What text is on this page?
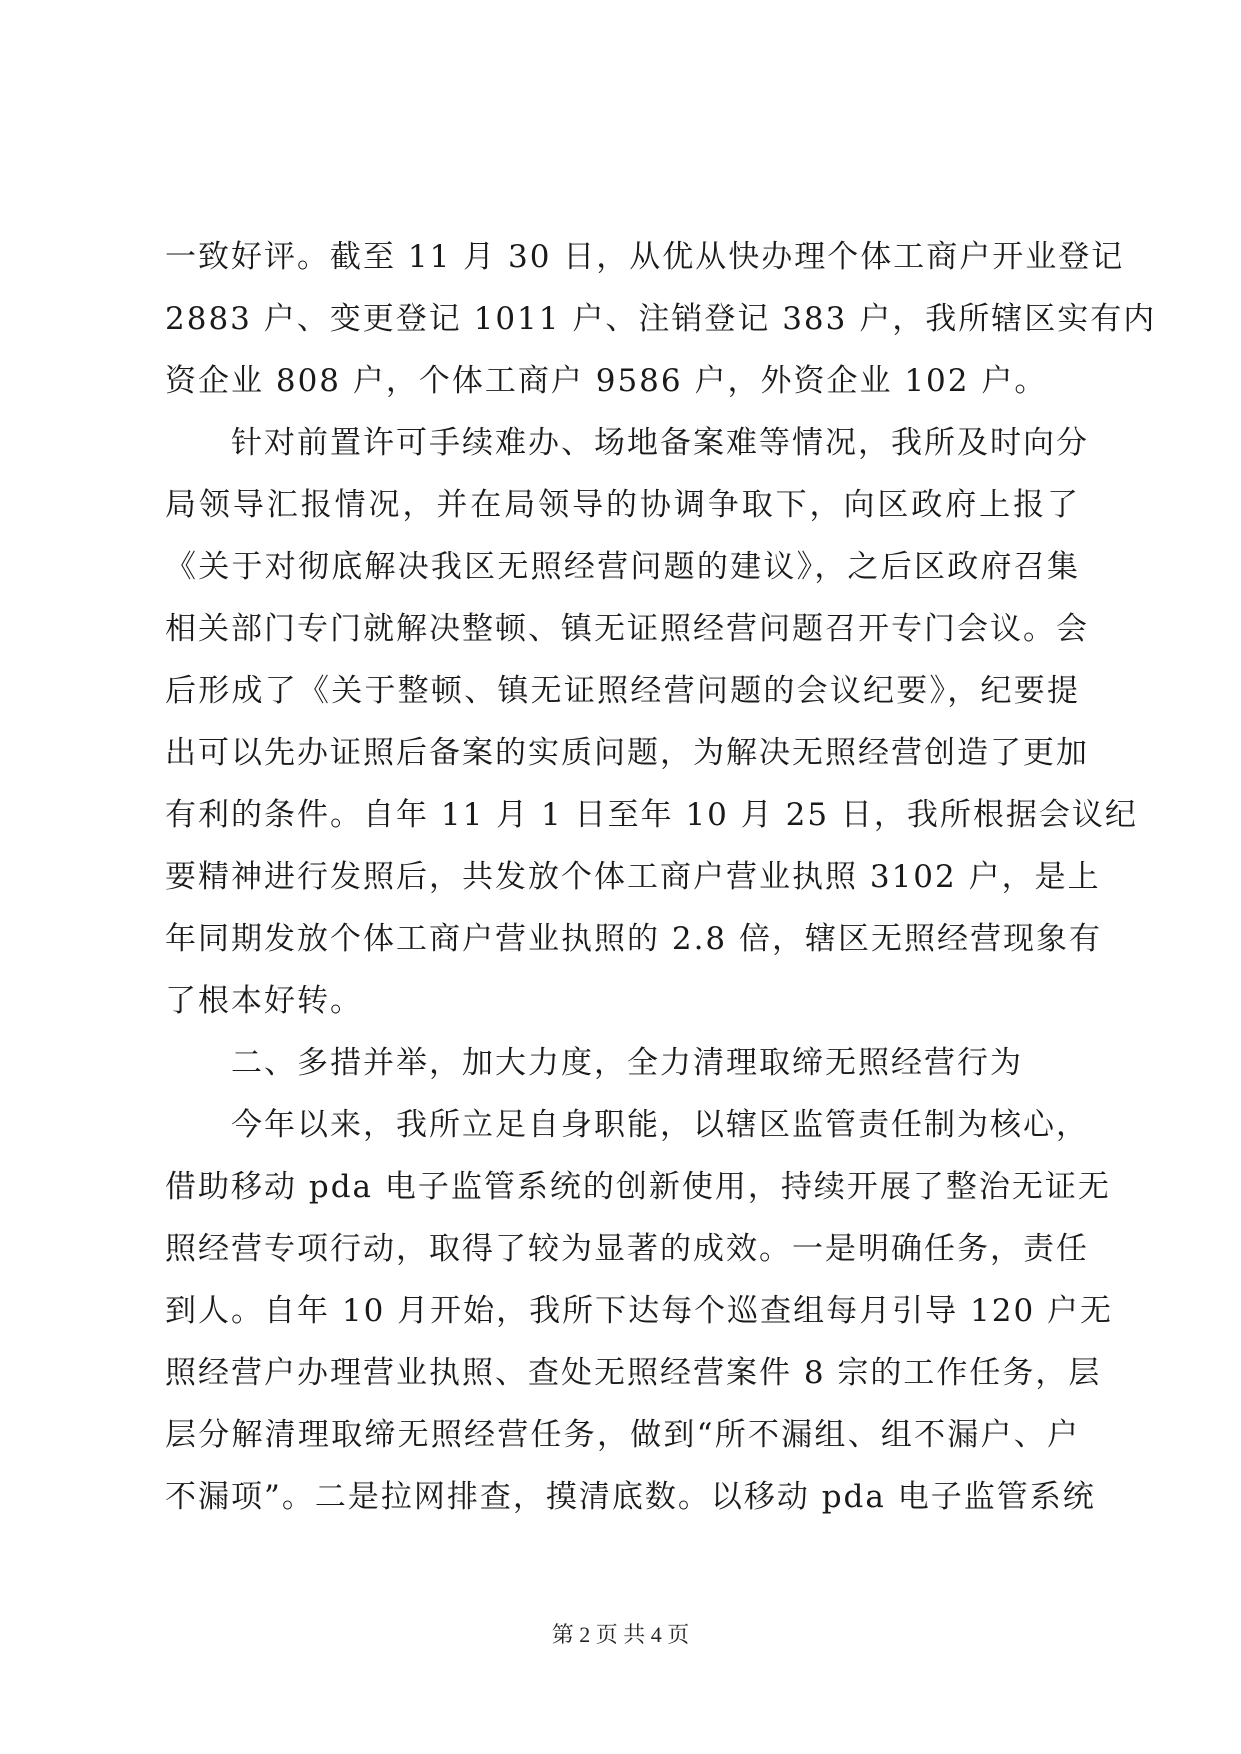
一致好评。截至 11 月 30 日，从优从快办理个体工商户开业登记
2883 户、变更登记 1011 户、注销登记 383 户，我所辖区实有内
资企业 808 户，个体工商户 9586 户，外资企业 102 户。
　　针对前置许可手续难办、场地备案难等情况，我所及时向分
局领导汇报情况，并在局领导的协调争取下，向区政府上报了
《关于对彻底解决我区无照经营问题的建议》，之后区政府召集
相关部门专门就解决整顿、镇无证照经营问题召开专门会议。会
后形成了《关于整顿、镇无证照经营问题的会议纪要》，纪要提
出可以先办证照后备案的实质问题，为解决无照经营创造了更加
有利的条件。自年 11 月 1 日至年 10 月 25 日，我所根据会议纪
要精神进行发照后，共发放个体工商户营业执照 3102 户，是上
年同期发放个体工商户营业执照的 2.8 倍，辖区无照经营现象有
了根本好转。
　　二、多措并举，加大力度，全力清理取缔无照经营行为
　　今年以来，我所立足自身职能，以辖区监管责任制为核心，
借助移动 pda 电子监管系统的创新使用，持续开展了整治无证无
照经营专项行动，取得了较为显著的成效。一是明确任务，责任
到人。自年 10 月开始，我所下达每个巡查组每月引导 120 户无
照经营户办理营业执照、查处无照经营案件 8 宗的工作任务，层
层分解清理取缔无照经营任务，做到“所不漏组、组不漏户、户
不漏项”。二是拉网排查，摸清底数。以移动 pda 电子监管系统
第 2 页 共 4 页
